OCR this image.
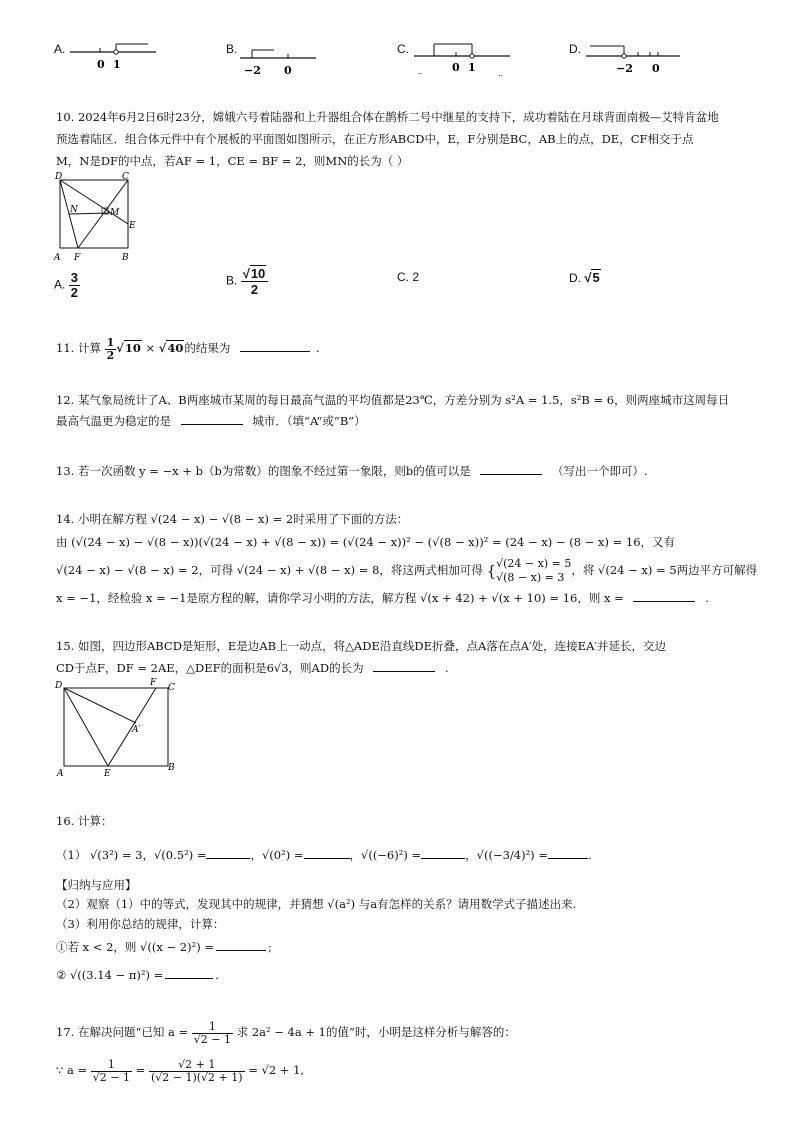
A.
0 1
B.
−2 0
C.
0 1
–	..
D.
−2 0
10. 2024年6月2日6时23分，嫦娥六号着陆器和上升器组合体在鹊桥二号中继星的支持下，成功着陆在月球背面南极—艾特肯盆地
预选着陆区．组合体元件中有个展板的平面图如图所示，在正方形ABCD中，E，F分别是BC，AB上的点，DE，CF相交于点
M，N是DF的中点，若AF = 1，CE = BF = 2，则MN的长为（ ）
D	C
N	M
E
A F	B
A. $\frac{3}{2}$	B. $\frac{√10}{2}$	C. 2	D. √5
11. 计算 $\frac{1}{2} √10 \times √40$的结果为	.
12. 某气象局统计了A、B两座城市某周的每日最高气温的平均值都是23℃，方差分别为 s²A = 1.5，s²B = 6，则两座城市这周每日
最高气温更为稳定的是	城市．（填“A”或“B”）
13. 若一次函数 y = −x + b（b为常数）的图象不经过第一象限，则b的值可以是	（写出一个即可）.
14. 小明在解方程 √(24 − x) − √(8 − x) = 2时采用了下面的方法：
由 (√(24 − x) − √(8 − x))(√(24 − x) + √(8 − x)) = (√(24 − x))² − (√(8 − x))² = (24 − x) − (8 − x) = 16，又有
√(24 − x) − √(8 − x) = 2，可得 √(24 − x) + √(8 − x) = 8，将这两式相加可得 { √(24 − x) = 5
√(8 − x) = 3
，将 √(24 − x) = 5两边平方可解得
x = −1，经检验 x = −1是原方程的解，请你学习小明的方法，解方程 √(x + 42) + √(x + 10) = 16，则 x =	.
15. 如图，四边形ABCD是矩形，E是边AB上一动点，将△ADE沿直线DE折叠，点A落在点A′处，连接EA′并延长，交边
CD于点F，DF = 2AE，△DEF的面积是6√3，则AD的长为	.
D	F C
A′
A	E
B
16. 计算：
（1） √(3²) = 3，√(0.5²) =	，√(0²) =	，√((−6)²) =	，√((−3/4)²) =	.
【归纳与应用】
（2）观察（1）中的等式，发现其中的规律，并猜想 √(a²) 与a有怎样的关系？请用数学式子描述出来.
（3）利用你总结的规律，计算：
①若 x < 2，则 √((x − 2)²) =	;
② √((3.14 − π)²) =	.
17. 在解决问题“已知 $a = \frac{1}{√2 - 1}$ 求 2a² − 4a + 1的值”时，小明是这样分析与解答的：
∵ $a = \frac{1}{√2 - 1} = \frac{√2 + 1}{(√2 - 1)(√2 + 1)} = √2 + 1$,
